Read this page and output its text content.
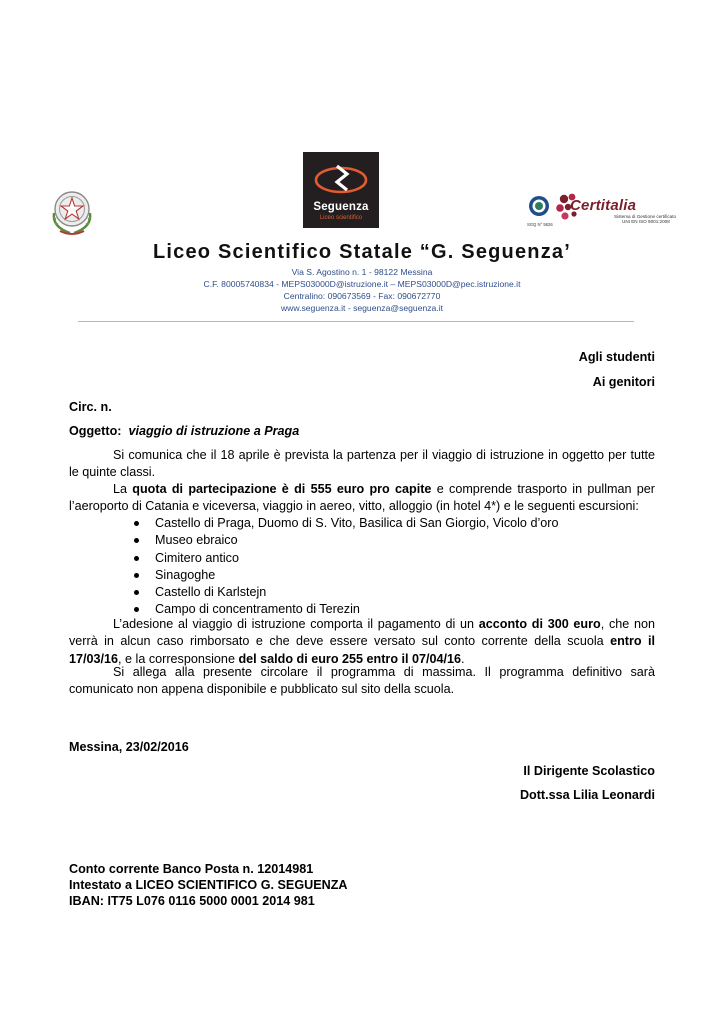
Seguenza
Liceo scientifico
SGQ N° 5826
Certitalia
Sistema di Gestione certificato
UNI EN ISO 9001:2008
Liceo Scientifico Statale “G. Seguenza’
Via S. Agostino n. 1 - 98122 Messina
C.F. 80005740834 - MEPS03000D@istruzione.it – MEPS03000D@pec.istruzione.it
Centralino: 090673569 - Fax: 090672770
www.seguenza.it - seguenza@seguenza.it
Agli studenti
Ai genitori
Circ. n.
Oggetto: viaggio di istruzione a Praga
Si comunica che il 18 aprile è prevista la partenza per il viaggio di istruzione in oggetto per tutte le quinte classi.
La quota di partecipazione è di 555 euro pro capite e comprende trasporto in pullman per l’aeroporto di Catania e viceversa, viaggio in aereo, vitto, alloggio (in hotel 4*) e le seguenti escursioni:
Castello di Praga, Duomo di S. Vito, Basilica di San Giorgio, Vicolo d’oro
Museo ebraico
Cimitero antico
Sinagoghe
Castello di Karlstejn
Campo di concentramento di Terezin
L’adesione al viaggio di istruzione comporta il pagamento di un acconto di 300 euro, che non verrà in alcun caso rimborsato e che deve essere versato sul conto corrente della scuola entro il 17/03/16, e la corresponsione del saldo di euro 255 entro il 07/04/16.
Si allega alla presente circolare il programma di massima. Il programma definitivo sarà comunicato non appena disponibile e pubblicato sul sito della scuola.
Messina, 23/02/2016
Il Dirigente Scolastico
Dott.ssa Lilia Leonardi
Conto corrente Banco Posta n. 12014981
Intestato a LICEO SCIENTIFICO G. SEGUENZA
IBAN: IT75 L076 0116 5000 0001 2014 981
